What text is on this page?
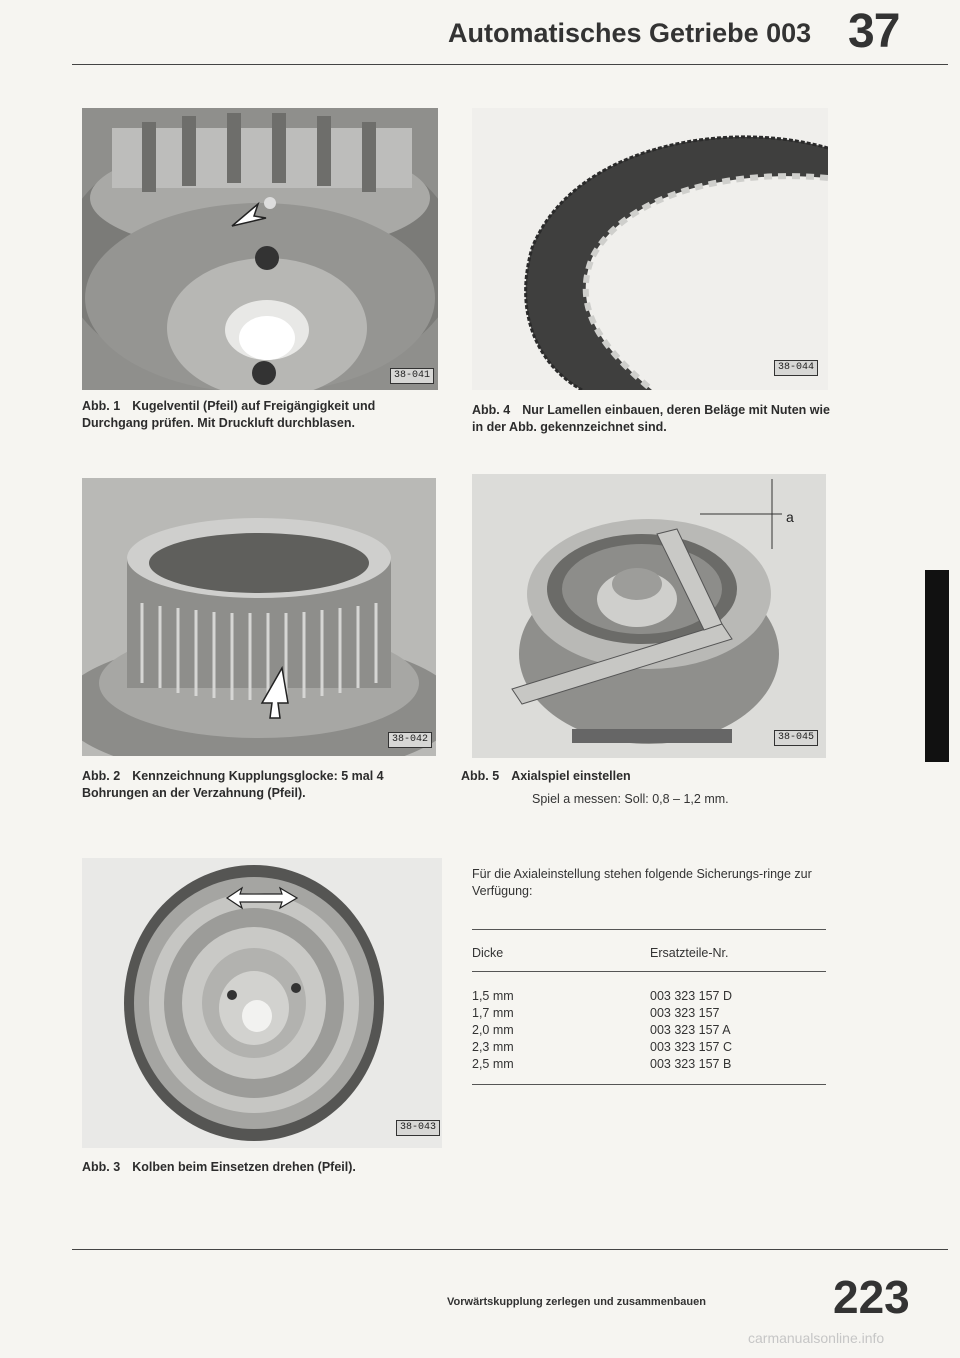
Automatisches Getriebe 003 37
38-041
Abb. 1 Kugelventil (Pfeil) auf Freigängigkeit und Durchgang prüfen. Mit Druckluft durchblasen.
38-044
Abb. 4 Nur Lamellen einbauen, deren Beläge mit Nuten wie in der Abb. gekennzeichnet sind.
38-042
Abb. 2 Kennzeichnung Kupplungsglocke: 5 mal 4 Bohrungen an der Verzahnung (Pfeil).
a
38-045
Abb. 5 Axialspiel einstellen
Spiel a messen: Soll: 0,8 – 1,2 mm.
38-043
Abb. 3 Kolben beim Einsetzen drehen (Pfeil).
Für die Axialeinstellung stehen folgende Sicherungs-ringe zur Verfügung:
Dicke	Ersatzteile-Nr.
1,5 mm	003 323 157 D
1,7 mm	003 323 157
2,0 mm	003 323 157 A
2,3 mm	003 323 157 C
2,5 mm	003 323 157 B
Vorwärtskupplung zerlegen und zusammenbauen	223
carmanualsonline.info
